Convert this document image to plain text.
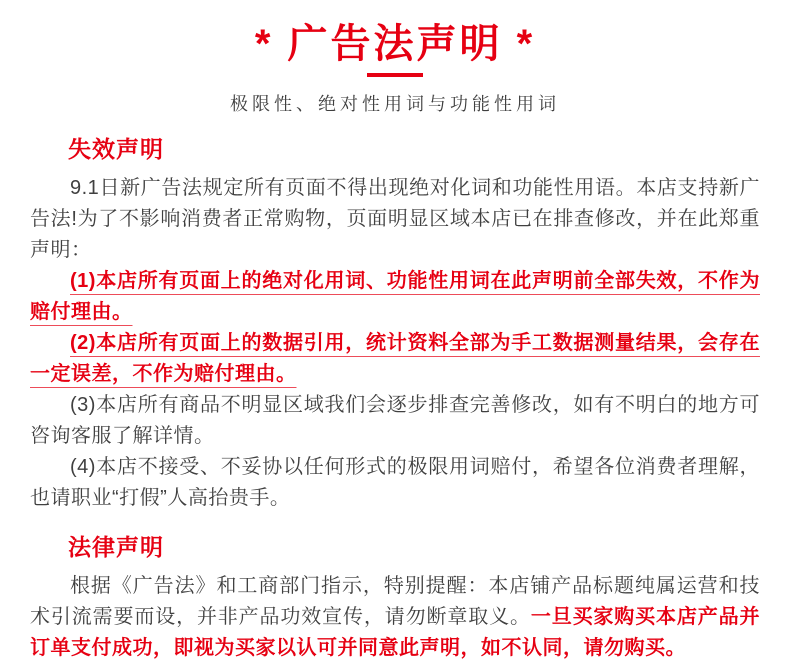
* 广告法声明 *

极限性、绝对性用词与功能性用词

失效声明

9.1日新广告法规定所有页面不得出现绝对化词和功能性用语。本店支持新广告法!为了不影响消费者正常购物，页面明显区域本店已在排查修改，并在此郑重声明：

(1)本店所有页面上的绝对化用词、功能性用词在此声明前全部失效，不作为赔付理由。

(2)本店所有页面上的数据引用，统计资料全部为手工数据测量结果，会存在一定误差，不作为赔付理由。

(3)本店所有商品不明显区域我们会逐步排查完善修改，如有不明白的地方可咨询客服了解详情。

(4)本店不接受、不妥协以任何形式的极限用词赔付，希望各位消费者理解，也请职业“打假”人高抬贵手。

法律声明

根据《广告法》和工商部门指示，特别提醒：本店铺产品标题纯属运营和技术引流需要而设，并非产品功效宣传，请勿断章取义。一旦买家购买本店产品并订单支付成功，即视为买家以认可并同意此声明，如不认同，请勿购买。
